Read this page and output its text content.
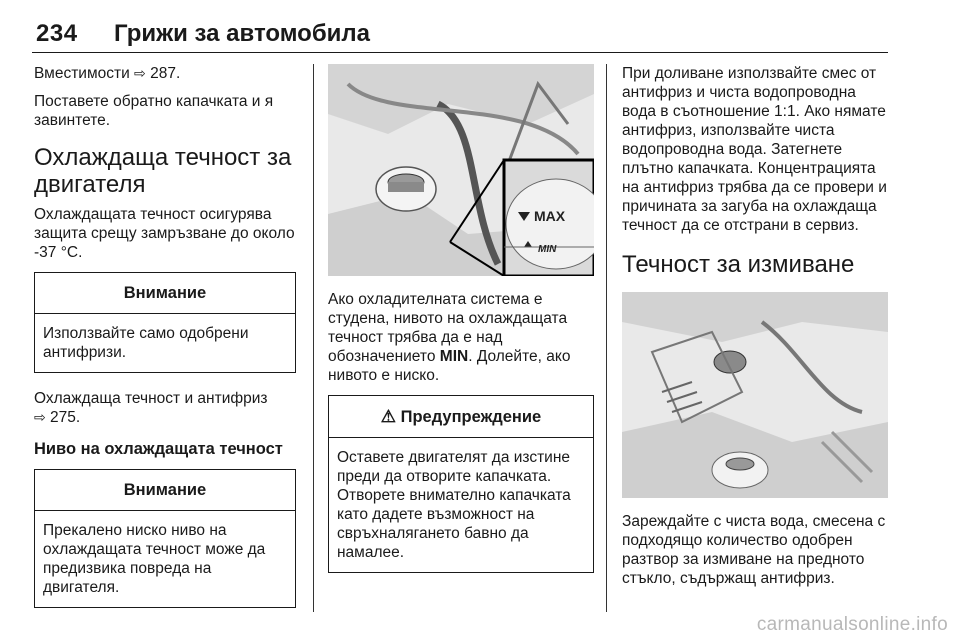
234 Грижи за автомобила

Вместимости ⇨ 287.

Поставете обратно капачката и я завинтете.

Охлаждаща течност за двигателя

Охлаждащата течност осигурява защита срещу замръзване до около -37 °C.

Внимание
Използвайте само одобрени антифризи.

Охлаждаща течност и антифриз
⇨ 275.

Ниво на охлаждащата течност
Внимание
Прекалено ниско ниво на охлаждащата течност може да предизвика повреда на двигателя.
MAX
MIN

Ако охладителната система е студена, нивото на охлаждащата течност трябва да е над обозначението MIN. Долейте, ако нивото е ниско.

⚠ Предупреждение
Оставете двигателят да изстине преди да отворите капачката. Отворете внимателно капачката като дадете възможност на свръхналягането бавно да намалее.

При доливане използвайте смес от антифриз и чиста водопроводна вода в съотношение 1:1. Ако нямате антифриз, използвайте чиста водопроводна вода. Затегнете плътно капачката. Концентрацията на антифриз трябва да се провери и причината за загуба на охлаждаща течност да се отстрани в сервиз.

Течност за измиване

Зареждайте с чиста вода, смесена с подходящо количество одобрен разтвор за измиване на предното стъкло, съдържащ антифриз.

carmanualsonline.info
